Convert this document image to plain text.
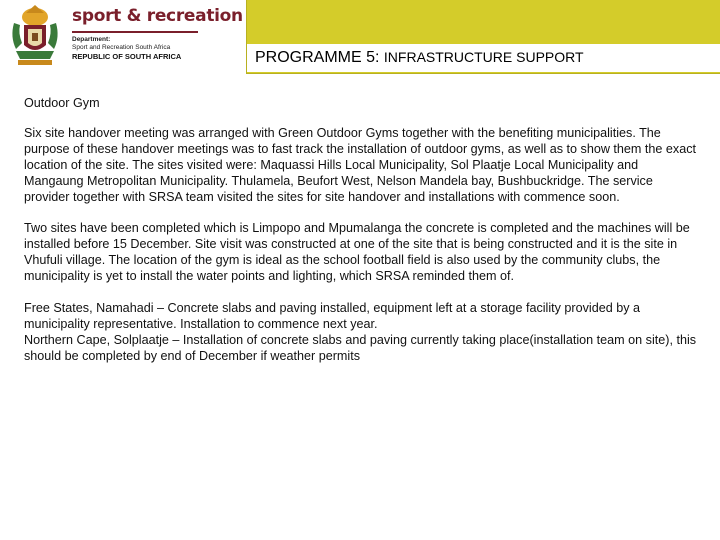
sport & recreation
Department:
Sport and Recreation South Africa
REPUBLIC OF SOUTH AFRICA	PROGRAMME 5: INFRASTRUCTURE SUPPORT
Outdoor Gym

Six site handover meeting was arranged with Green Outdoor Gyms together with the benefiting municipalities. The purpose of these handover meetings was to fast track the installation of outdoor gyms, as well as to show them the exact location of the site. The sites visited were: Maquassi Hills Local Municipality, Sol Plaatje Local Municipality and Mangaung Metropolitan Municipality. Thulamela, Beufort West, Nelson Mandela bay, Bushbuckridge. The service provider together with SRSA team visited the sites for site handover and installations with commence soon.

Two sites have been completed which is Limpopo and Mpumalanga the concrete is completed and the machines will be installed before 15 December. Site visit was constructed at one of the site that is being constructed and it is the site in Vhufuli village. The location of the gym is ideal as the school football field is also used by the community clubs, the municipality is yet to install the water points and lighting, which SRSA reminded them of.

Free States, Namahadi – Concrete slabs and paving installed, equipment left at a storage facility provided by a municipality representative. Installation to commence next year.

Northern Cape, Solplaatje – Installation of concrete slabs and paving currently taking place(installation team on site), this should be completed by end of December if weather permits
